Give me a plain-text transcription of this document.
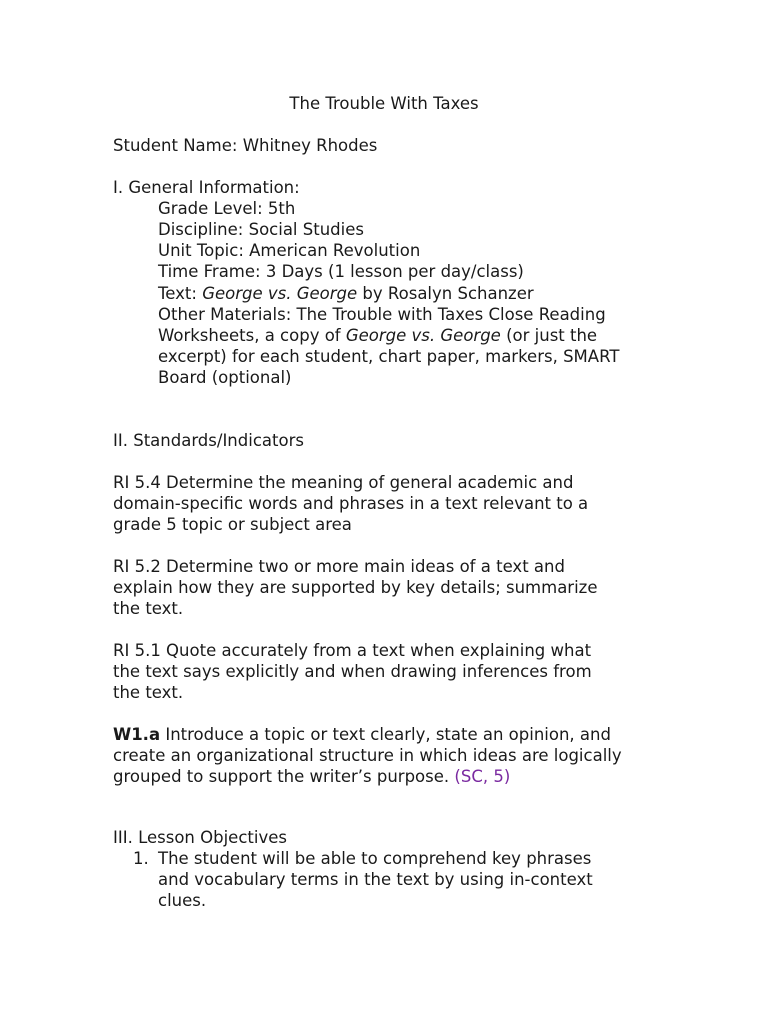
The Trouble With Taxes
Student Name: Whitney Rhodes
I. General Information:
Grade Level: 5th
Discipline: Social Studies
Unit Topic: American Revolution
Time Frame: 3 Days (1 lesson per day/class)
Text: George vs. George by Rosalyn Schanzer
Other Materials: The Trouble with Taxes Close Reading
Worksheets, a copy of George vs. George (or just the
excerpt) for each student, chart paper, markers, SMART
Board (optional)
II. Standards/Indicators
RI 5.4 Determine the meaning of general academic and
domain-specific words and phrases in a text relevant to a
grade 5 topic or subject area
RI 5.2 Determine two or more main ideas of a text and
explain how they are supported by key details; summarize
the text.
RI 5.1 Quote accurately from a text when explaining what
the text says explicitly and when drawing inferences from
the text.
W1.a Introduce a topic or text clearly, state an opinion, and
create an organizational structure in which ideas are logically
grouped to support the writer’s purpose. (SC, 5)
III. Lesson Objectives
1. The student will be able to comprehend key phrases
and vocabulary terms in the text by using in-context
clues.
